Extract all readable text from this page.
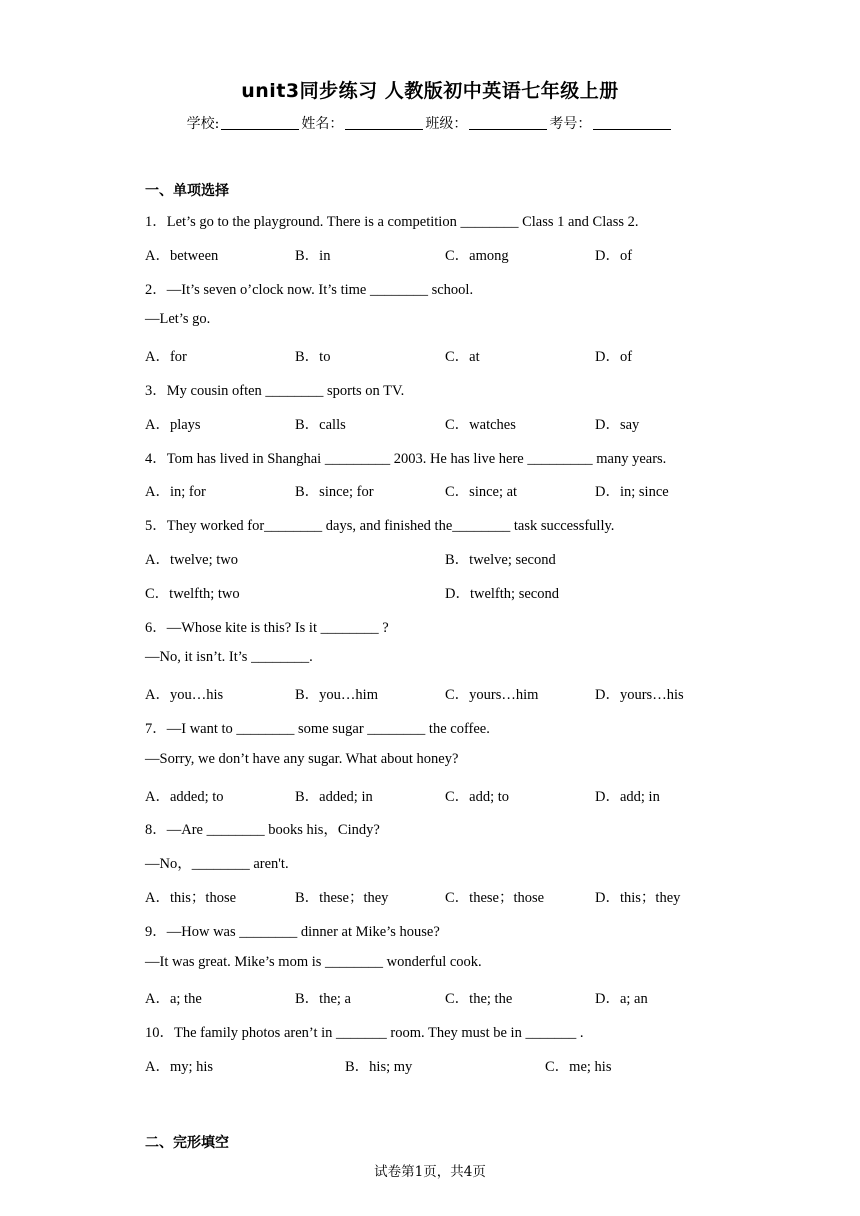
unit3同步练习 人教版初中英语七年级上册
学校:	姓名：	班级：	考号：
一、单项选择
1．Let’s go to the playground. There is a competition ________ Class 1 and Class 2.
A．between	B．in	C．among	D．of
2．—It’s seven o’clock now. It’s time ________ school.
—Let’s go.
A．for	B．to	C．at	D．of
3．My cousin often ________ sports on TV.
A．plays	B．calls	C．watches	D．say
4．Tom has lived in Shanghai _________ 2003. He has live here _________ many years.
A．in; for	B．since; for	C．since; at	D．in; since
5．They worked for________ days, and finished the________ task successfully.
A．twelve; two	B．twelve; second
C．twelfth; two	D．twelfth; second
6．—Whose kite is this? Is it ________ ?
—No, it isn’t. It’s ________.
A．you…his	B．you…him	C．yours…him	D．yours…his
7．—I want to ________ some sugar ________ the coffee.
—Sorry, we don’t have any sugar. What about honey?
A．added; to	B．added; in	C．add; to	D．add; in
8．—Are ________ books his，Cindy?
—No，________ aren't.
A．this；those	B．these；they	C．these；those	D．this；they
9．—How was ________ dinner at Mike’s house?
—It was great. Mike’s mom is ________ wonderful cook.
A．a; the	B．the; a	C．the; the	D．a; an
10．The family photos aren’t in _______ room. They must be in _______ .
A．my; his	B．his; my	C．me; his
二、完形填空
试卷第1页，共4页
